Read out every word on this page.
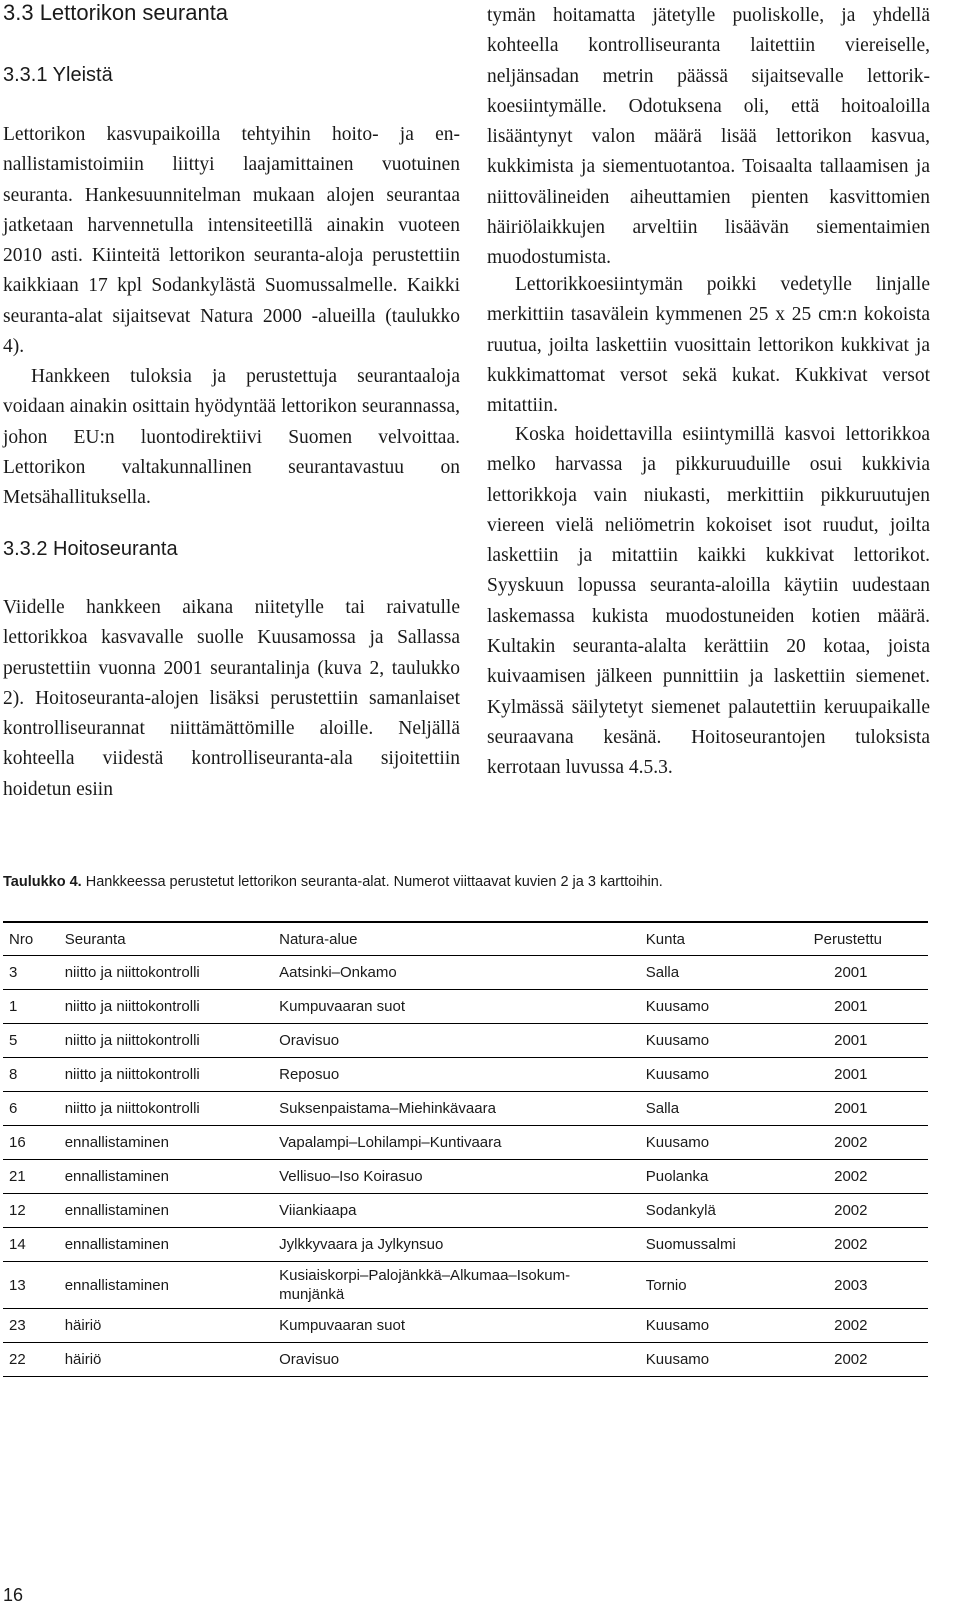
3.3 Lettorikon seuranta
3.3.1 Yleistä

Lettorikon kasvupaikoilla tehtyihin hoito- ja ennallistamistoimiin liittyi laajamittainen vuotuinen seuranta. Hankesuunnitelman mukaan alojen seurantaa jatketaan harvennetulla intensiteetillä ainakin vuoteen 2010 asti. Kiinteitä lettorikon seuranta-aloja perustettiin kaikkiaan 17 kpl Sodankylästä Suomussalmelle. Kaikki seuranta-alat sijaitsevat Natura 2000 -alueilla (taulukko 4).

Hankkeen tuloksia ja perustettuja seurantaaloja voidaan ainakin osittain hyödyntää lettorikon seurannassa, johon EU:n luontodirektiivi Suomen velvoittaa. Lettorikon valtakunnallinen seurantavastuu on Metsähallituksella.

3.3.2 Hoitoseuranta

Viidelle hankkeen aikana niitetylle tai raivatulle lettorikkoa kasvavalle suolle Kuusamossa ja Sallassa perustettiin vuonna 2001 seurantalinja (kuva 2, taulukko 2). Hoitoseuranta-alojen lisäksi perustettiin samanlaiset kontrolliseurannat niittämättömille aloille. Neljällä kohteella viidestä kontrolliseuranta-ala sijoitettiin hoidetun esiin

tymän hoitamatta jätetylle puoliskolle, ja yhdellä kohteella kontrolliseuranta laitettiin viereiselle, neljänsadan metrin päässä sijaitsevalle lettorikkoesiintymälle. Odotuksena oli, että hoitoaloilla lisääntynyt valon määrä lisää lettorikon kasvua, kukkimista ja siementuotantoa. Toisaalta tallaamisen ja niittovälineiden aiheuttamien pienten kasvittomien häiriölaikkujen arveltiin lisäävän siementaimien muodostumista.

Lettorikkoesiintymän poikki vedetylle linjalle merkittiin tasavälein kymmenen 25 x 25 cm:n kokoista ruutua, joilta laskettiin vuosittain lettorikon kukkivat ja kukkimattomat versot sekä kukat. Kukkivat versot mitattiin.

Koska hoidettavilla esiintymillä kasvoi lettorikkoa melko harvassa ja pikkuruuduille osui kukkivia lettorikkoja vain niukasti, merkittiin pikkuruutujen viereen vielä neliömetrin kokoiset isot ruudut, joilta laskettiin ja mitattiin kaikki kukkivat lettorikot. Syyskuun lopussa seuranta-aloilla käytiin uudestaan laskemassa kukista muodostuneiden kotien määrä. Kultakin seuranta-alalta kerättiin 20 kotaa, joista kuivaamisen jälkeen punnittiin ja laskettiin siemenet. Kylmässä säilytetyt siemenet palautettiin keruupaikalle seuraavana kesänä. Hoitoseurantojen tuloksista kerrotaan luvussa 4.5.3.

Taulukko 4. Hankkeessa perustetut lettorikon seuranta-alat. Numerot viittaavat kuvien 2 ja 3 karttoihin.

Nro	Seuranta	Natura-alue	Kunta	Perustettu
3	niitto ja niittokontrolli	Aatsinki–Onkamo	Salla	2001
1	niitto ja niittokontrolli	Kumpuvaaran suot	Kuusamo	2001
5	niitto ja niittokontrolli	Oravisuo	Kuusamo	2001
8	niitto ja niittokontrolli	Reposuo	Kuusamo	2001
6	niitto ja niittokontrolli	Suksenpaistama–Miehinkävaara	Salla	2001
16	ennallistaminen	Vapalampi–Lohilampi–Kuntivaara	Kuusamo	2002
21	ennallistaminen	Vellisuo–Iso Koirasuo	Puolanka	2002
12	ennallistaminen	Viiankiaapa	Sodankylä	2002
14	ennallistaminen	Jylkkyvaara ja Jylkynsuo	Suomussalmi	2002
13	ennallistaminen	Kusiaiskorpi–Palojänkkä–Alkumaa–Isokummunjänkä	Tornio	2003
23	häiriö	Kumpuvaaran suot	Kuusamo	2002
22	häiriö	Oravisuo	Kuusamo	2002
16
